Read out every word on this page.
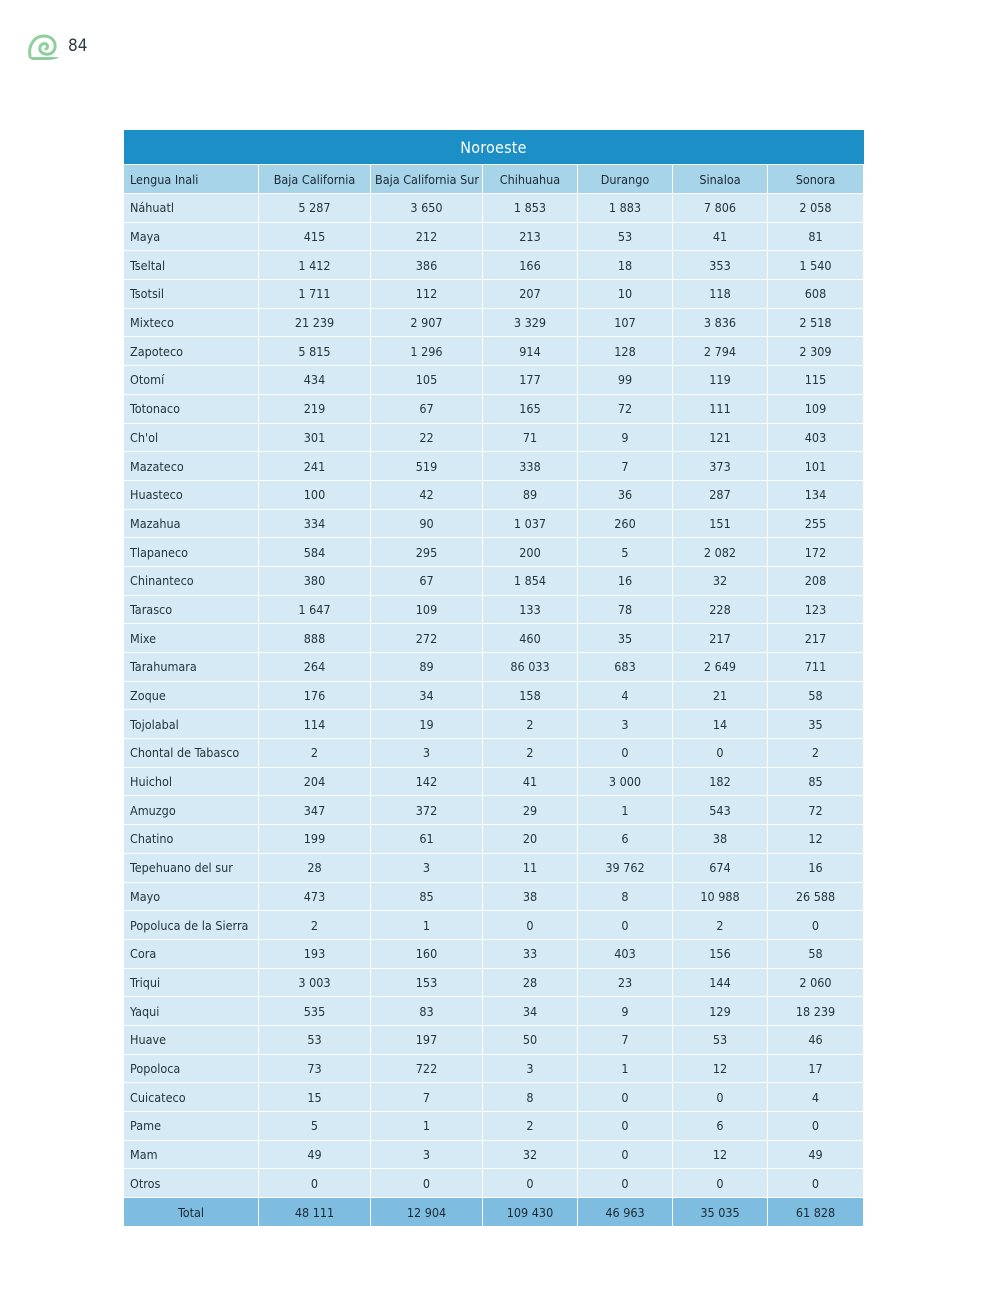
84
Noroeste						
Lengua Inali	Baja California	Baja California Sur	Chihuahua	Durango	Sinaloa	Sonora
Náhuatl	5 287	3 650	1 853	1 883	7 806	2 058
Maya	415	212	213	53	41	81
Tseltal	1 412	386	166	18	353	1 540
Tsotsil	1 711	112	207	10	118	608
Mixteco	21 239	2 907	3 329	107	3 836	2 518
Zapoteco	5 815	1 296	914	128	2 794	2 309
Otomí	434	105	177	99	119	115
Totonaco	219	67	165	72	111	109
Ch'ol	301	22	71	9	121	403
Mazateco	241	519	338	7	373	101
Huasteco	100	42	89	36	287	134
Mazahua	334	90	1 037	260	151	255
Tlapaneco	584	295	200	5	2 082	172
Chinanteco	380	67	1 854	16	32	208
Tarasco	1 647	109	133	78	228	123
Mixe	888	272	460	35	217	217
Tarahumara	264	89	86 033	683	2 649	711
Zoque	176	34	158	4	21	58
Tojolabal	114	19	2	3	14	35
Chontal de Tabasco	2	3	2	0	0	2
Huichol	204	142	41	3 000	182	85
Amuzgo	347	372	29	1	543	72
Chatino	199	61	20	6	38	12
Tepehuano del sur	28	3	11	39 762	674	16
Mayo	473	85	38	8	10 988	26 588
Popoluca de la Sierra	2	1	0	0	2	0
Cora	193	160	33	403	156	58
Triqui	3 003	153	28	23	144	2 060
Yaqui	535	83	34	9	129	18 239
Huave	53	197	50	7	53	46
Popoloca	73	722	3	1	12	17
Cuicateco	15	7	8	0	0	4
Pame	5	1	2	0	6	0
Mam	49	3	32	0	12	49
Otros	0	0	0	0	0	0
Total	48 111	12 904	109 430	46 963	35 035	61 828
